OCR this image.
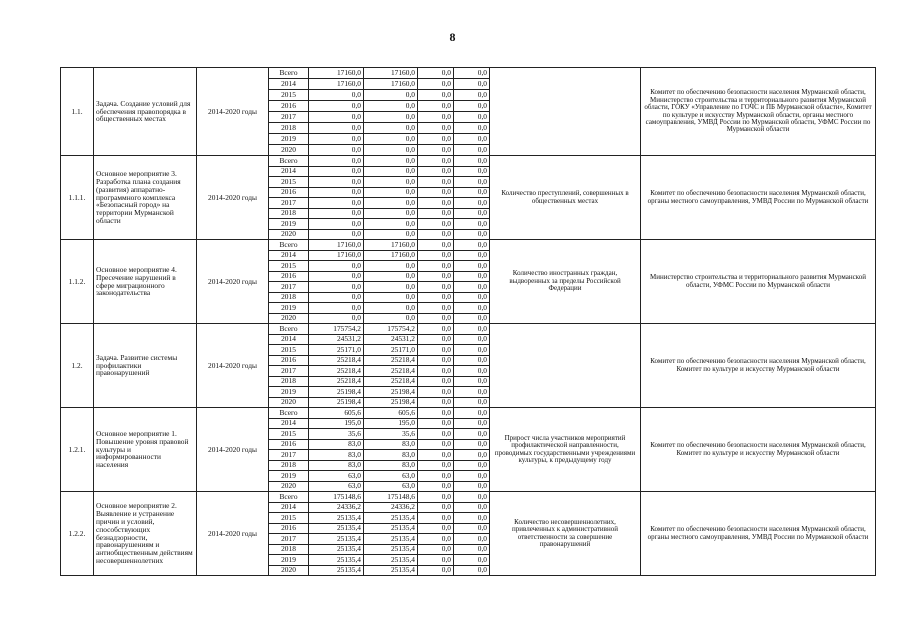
8
1.1.	Задача. Создание условий для обеспечения правопорядка в общественных местах	2014-2020 годы	Всего	17160,0	17160,0	0,0	0,0		Комитет по обеспечению безопасности населения Мурманской области, Министерство строительства и территориального развития Мурманской области, ГОКУ «Управление по ГОЧС и ПБ Мурманской области», Комитет по культуре и искусству Мурманской области, органы местного самоуправления, УМВД России по Мурманской области, УФМС России по Мурманской области
			2014	17160,0	17160,0	0,0	0,0		
			2015	0,0	0,0	0,0	0,0		
			2016	0,0	0,0	0,0	0,0		
			2017	0,0	0,0	0,0	0,0		
			2018	0,0	0,0	0,0	0,0		
			2019	0,0	0,0	0,0	0,0		
			2020	0,0	0,0	0,0	0,0		
1.1.1.	Основное мероприятие 3. Разработка плана создания (развития) аппаратно-программного комплекса «Безопасный город» на территории Мурманской области	2014-2020 годы	Всего	0,0	0,0	0,0	0,0	Количество преступлений, совершенных в общественных местах	Комитет по обеспечению безопасности населения Мурманской области, органы местного самоуправления, УМВД России по Мурманской области
			2014	0,0	0,0	0,0	0,0		
			2015	0,0	0,0	0,0	0,0		
			2016	0,0	0,0	0,0	0,0		
			2017	0,0	0,0	0,0	0,0		
			2018	0,0	0,0	0,0	0,0		
			2019	0,0	0,0	0,0	0,0		
			2020	0,0	0,0	0,0	0,0		
1.1.2.	Основное мероприятие 4. Пресечение нарушений в сфере миграционного законодательства	2014-2020 годы	Всего	17160,0	17160,0	0,0	0,0	Количество иностранных граждан, выдворенных за пределы Российской Федерации	Министерство строительства и территориального развития Мурманской области, УФМС России по Мурманской области
			2014	17160,0	17160,0	0,0	0,0		
			2015	0,0	0,0	0,0	0,0		
			2016	0,0	0,0	0,0	0,0		
			2017	0,0	0,0	0,0	0,0		
			2018	0,0	0,0	0,0	0,0		
			2019	0,0	0,0	0,0	0,0		
			2020	0,0	0,0	0,0	0,0		
1.2.	Задача. Развитие системы профилактики правонарушений	2014-2020 годы	Всего	175754,2	175754,2	0,0	0,0		Комитет по обеспечению безопасности населения Мурманской области, Комитет по культуре и искусству Мурманской области
			2014	24531,2	24531,2	0,0	0,0		
			2015	25171,0	25171,0	0,0	0,0		
			2016	25218,4	25218,4	0,0	0,0		
			2017	25218,4	25218,4	0,0	0,0		
			2018	25218,4	25218,4	0,0	0,0		
			2019	25198,4	25198,4	0,0	0,0		
			2020	25198,4	25198,4	0,0	0,0		
1.2.1.	Основное мероприятие 1. Повышение уровня правовой культуры и информированности населения	2014-2020 годы	Всего	605,6	605,6	0,0	0,0	Прирост числа участников мероприятий профилактической направленности, проводимых государственными учреждениями культуры, к предыдущему году	Комитет по обеспечению безопасности населения Мурманской области, Комитет по культуре и искусству Мурманской области
			2014	195,0	195,0	0,0	0,0		
			2015	35,6	35,6	0,0	0,0		
			2016	83,0	83,0	0,0	0,0		
			2017	83,0	83,0	0,0	0,0		
			2018	83,0	83,0	0,0	0,0		
			2019	63,0	63,0	0,0	0,0		
			2020	63,0	63,0	0,0	0,0		
1.2.2.	Основное мероприятие 2. Выявление и устранение причин и условий, способствующих безнадзорности, правонарушениям и антиобщественным действиям несовершеннолетних	2014-2020 годы	Всего	175148,6	175148,6	0,0	0,0	Количество несовершеннолетних, привлеченных к административной ответственности за совершение правонарушений	Комитет по обеспечению безопасности населения Мурманской области, органы местного самоуправления, УМВД России по Мурманской области
			2014	24336,2	24336,2	0,0	0,0		
			2015	25135,4	25135,4	0,0	0,0		
			2016	25135,4	25135,4	0,0	0,0		
			2017	25135,4	25135,4	0,0	0,0		
			2018	25135,4	25135,4	0,0	0,0		
			2019	25135,4	25135,4	0,0	0,0		
			2020	25135,4	25135,4	0,0	0,0		
